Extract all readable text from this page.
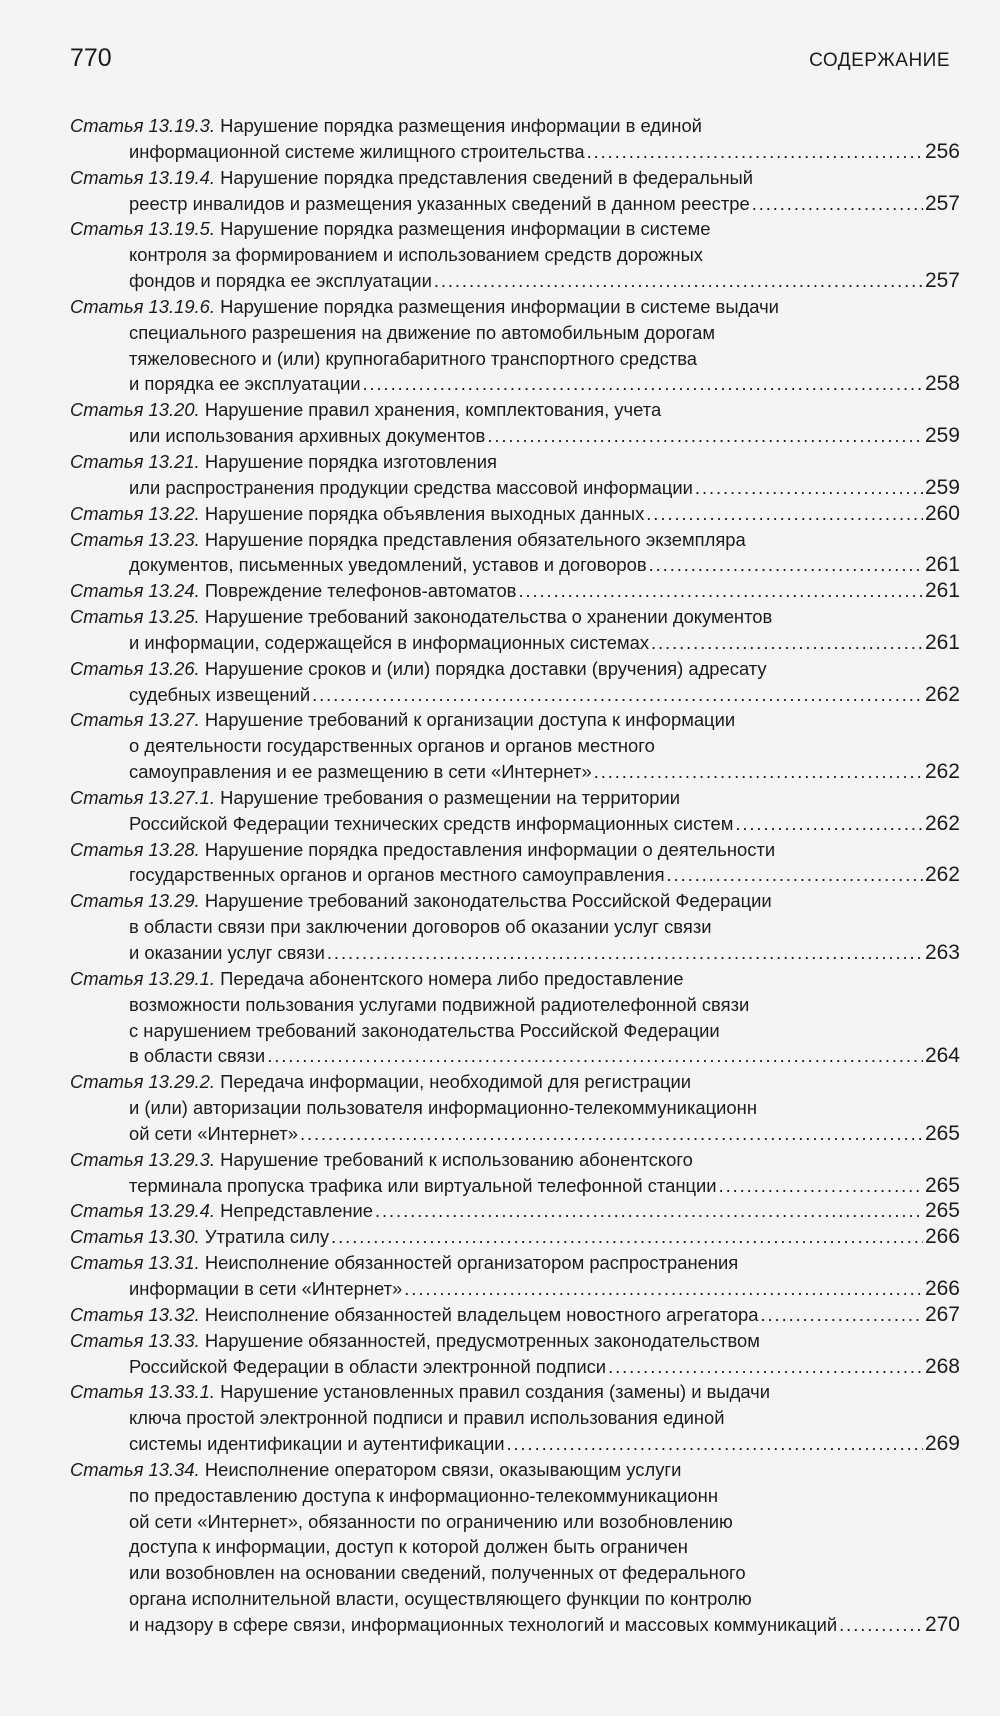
770	СОДЕРЖАНИЕ
Статья 13.19.3. Нарушение порядка размещения информации в единой
информационной системе жилищного строительства . . .	256
Статья 13.19.4. Нарушение порядка представления сведений в федеральный
реестр инвалидов и размещения указанных сведений в данном реестре . . .	257
Статья 13.19.5. Нарушение порядка размещения информации в системе
контроля за формированием и использованием средств дорожных
фондов и порядка ее эксплуатации . . .	257
Статья 13.19.6. Нарушение порядка размещения информации в системе выдачи
специального разрешения на движение по автомобильным дорогам
тяжеловесного и (или) крупногабаритного транспортного средства
и порядка ее эксплуатации . . .	258
Статья 13.20. Нарушение правил хранения, комплектования, учета
или использования архивных документов . . .	259
Статья 13.21. Нарушение порядка изготовления
или распространения продукции средства массовой информации . . .	259
Статья 13.22. Нарушение порядка объявления выходных данных . . .	260
Статья 13.23. Нарушение порядка представления обязательного экземпляра
документов, письменных уведомлений, уставов и договоров . . .	261
Статья 13.24. Повреждение телефонов-автоматов . . .	261
Статья 13.25. Нарушение требований законодательства о хранении документов
и информации, содержащейся в информационных системах . . .	261
Статья 13.26. Нарушение сроков и (или) порядка доставки (вручения) адресату
судебных извещений . . .	262
Статья 13.27. Нарушение требований к организации доступа к информации
о деятельности государственных органов и органов местного
самоуправления и ее размещению в сети «Интернет» . . .	262
Статья 13.27.1. Нарушение требования о размещении на территории
Российской Федерации технических средств информационных систем . . .	262
Статья 13.28. Нарушение порядка предоставления информации о деятельности
государственных органов и органов местного самоуправления . . .	262
Статья 13.29. Нарушение требований законодательства Российской Федерации
в области связи при заключении договоров об оказании услуг связи
и оказании услуг связи . . .	263
Статья 13.29.1. Передача абонентского номера либо предоставление
возможности пользования услугами подвижной радиотелефонной связи
с нарушением требований законодательства Российской Федерации
в области связи . . .	264
Статья 13.29.2. Передача информации, необходимой для регистрации
и (или) авторизации пользователя информационно-телекоммуникационн
ой сети «Интернет» . . .	265
Статья 13.29.3. Нарушение требований к использованию абонентского
терминала пропуска трафика или виртуальной телефонной станции . . .	265
Статья 13.29.4. Непредставление . . .	265
Статья 13.30. Утратила силу . . .	266
Статья 13.31. Неисполнение обязанностей организатором распространения
информации в сети «Интернет» . . .	266
Статья 13.32. Неисполнение обязанностей владельцем новостного агрегатора . . .	267
Статья 13.33. Нарушение обязанностей, предусмотренных законодательством
Российской Федерации в области электронной подписи . . .	268
Статья 13.33.1. Нарушение установленных правил создания (замены) и выдачи
ключа простой электронной подписи и правил использования единой
системы идентификации и аутентификации . . .	269
Статья 13.34. Неисполнение оператором связи, оказывающим услуги
по предоставлению доступа к информационно-телекоммуникационн
ой сети «Интернет», обязанности по ограничению или возобновлению
доступа к информации, доступ к которой должен быть ограничен
или возобновлен на основании сведений, полученных от федерального
органа исполнительной власти, осуществляющего функции по контролю
и надзору в сфере связи, информационных технологий и массовых коммуникаций . . .	270
